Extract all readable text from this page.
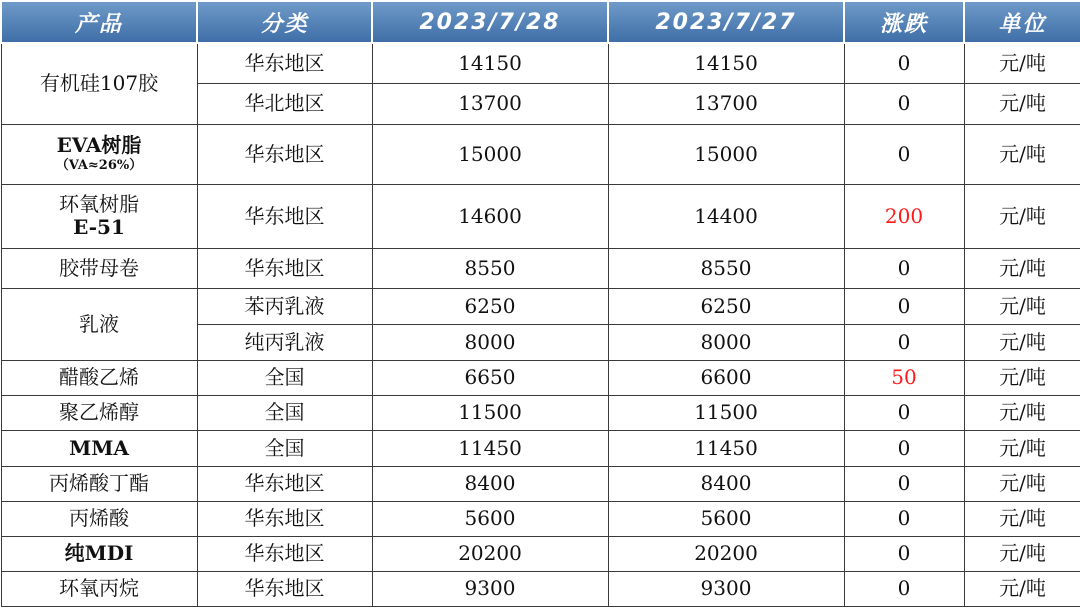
产品	分类	2023/7/28	2023/7/27	涨跌	单位

有机硅107胶	华东地区	14150	14150	0	元/吨
	华北地区	13700	13700	0	元/吨

EVA树脂
（VA≈26%）	华东地区	15000	15000	0	元/吨

环氧树脂
E-51	华东地区	14600	14400	200	元/吨

胶带母卷	华东地区	8550	8550	0	元/吨

乳液	苯丙乳液	6250	6250	0	元/吨
	纯丙乳液	8000	8000	0	元/吨

醋酸乙烯	全国	6650	6600	50	元/吨

聚乙烯醇	全国	11500	11500	0	元/吨

MMA	全国	11450	11450	0	元/吨

丙烯酸丁酯	华东地区	8400	8400	0	元/吨

丙烯酸	华东地区	5600	5600	0	元/吨

纯MDI	华东地区	20200	20200	0	元/吨

环氧丙烷	华东地区	9300	9300	0	元/吨
